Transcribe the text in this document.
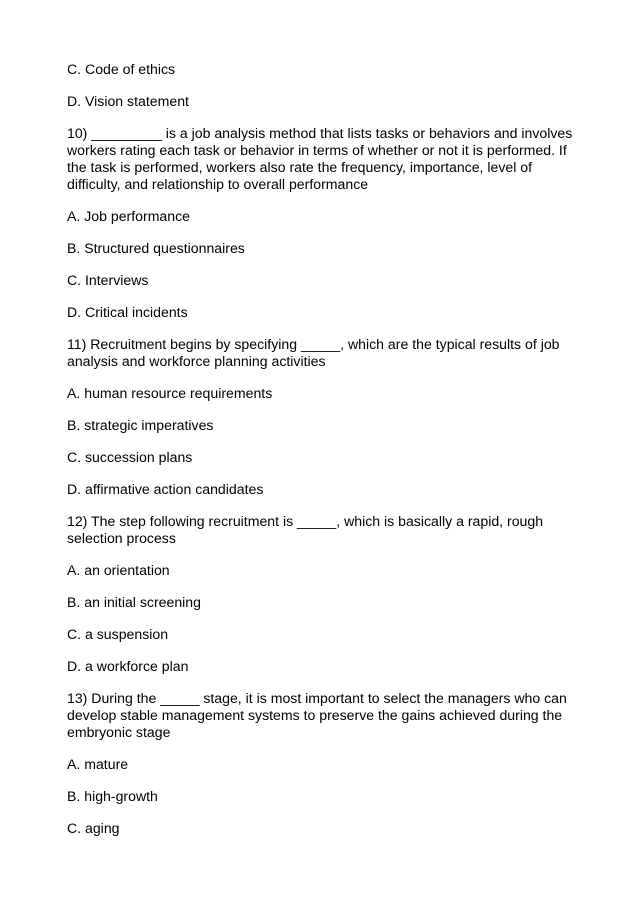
C. Code of ethics

D. Vision statement

10) _________ is a job analysis method that lists tasks or behaviors and involves
workers rating each task or behavior in terms of whether or not it is performed. If
the task is performed, workers also rate the frequency, importance, level of
difficulty, and relationship to overall performance

A. Job performance

B. Structured questionnaires

C. Interviews

D. Critical incidents

11) Recruitment begins by specifying _____, which are the typical results of job
analysis and workforce planning activities

A. human resource requirements

B. strategic imperatives

C. succession plans

D. affirmative action candidates

12) The step following recruitment is _____, which is basically a rapid, rough
selection process

A. an orientation

B. an initial screening

C. a suspension

D. a workforce plan

13) During the _____ stage, it is most important to select the managers who can
develop stable management systems to preserve the gains achieved during the
embryonic stage

A. mature

B. high-growth

C. aging
